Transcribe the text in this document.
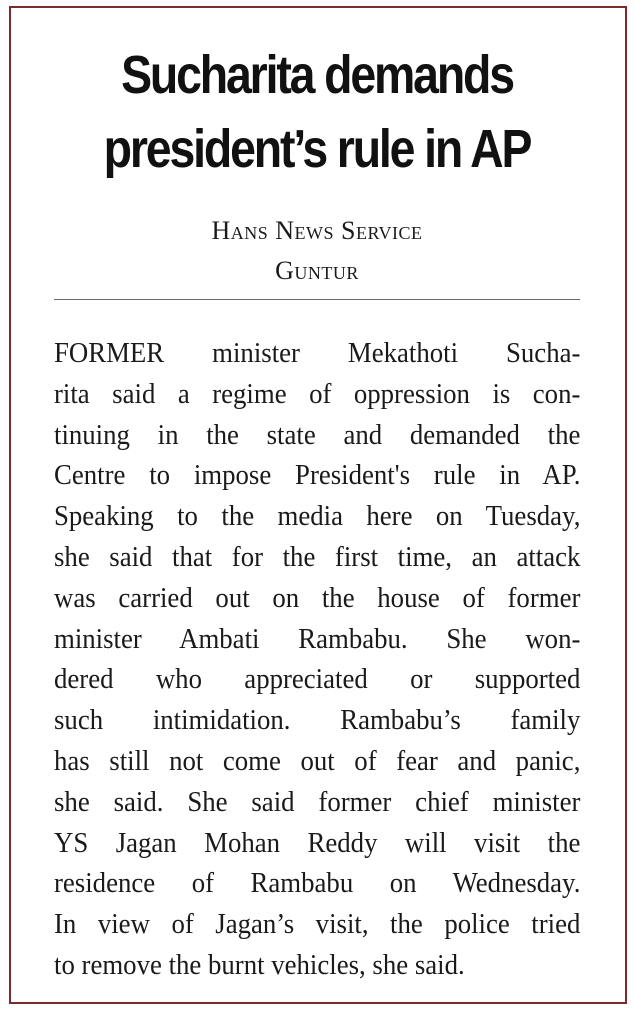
Sucharita demands
president’s rule in AP
Hans News Service
Guntur
FORMER minister Mekathoti Sucha-
rita said a regime of oppression is con-
tinuing in the state and demanded the
Centre to impose President's rule in AP.
Speaking to the media here on Tuesday,
she said that for the first time, an attack
was carried out on the house of former
minister Ambati Rambabu. She won-
dered who appreciated or supported
such intimidation. Rambabu’s family
has still not come out of fear and panic,
she said. She said former chief minister
YS Jagan Mohan Reddy will visit the
residence of Rambabu on Wednesday.
In view of Jagan’s visit, the police tried
to remove the burnt vehicles, she said.
